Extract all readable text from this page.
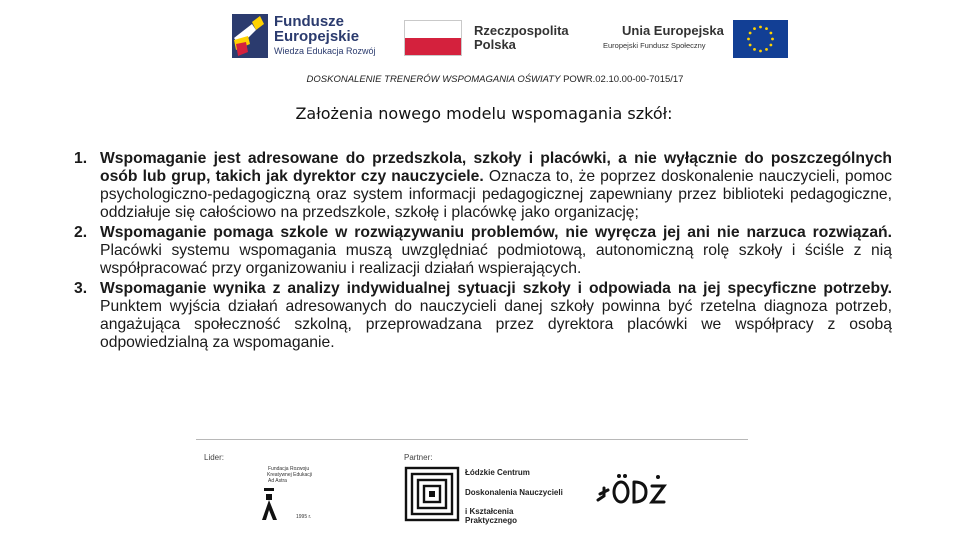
Fundusze
Europejskie
Wiedza Edukacja Rozwój
Rzeczpospolita
Polska
Unia Europejska
Europejski Fundusz Społeczny
DOSKONALENIE TRENERÓW WSPOMAGANIA OŚWIATY POWR.02.10.00-00-7015/17
Założenia nowego modelu wspomagania szkół:
1. Wspomaganie jest adresowane do przedszkola, szkoły i placówki, a nie wyłącznie do poszczególnych osób lub grup, takich jak dyrektor czy nauczyciele. Oznacza to, że poprzez doskonalenie nauczycieli, pomoc psychologiczno-pedagogiczną oraz system informacji pedagogicznej zapewniany przez biblioteki pedagogiczne, oddziałuje się całościowo na przedszkole, szkołę i placówkę jako organizację;
2. Wspomaganie pomaga szkole w rozwiązywaniu problemów, nie wyręcza jej ani nie narzuca rozwiązań. Placówki systemu wspomagania muszą uwzględniać podmiotową, autonomiczną rolę szkoły i ściśle z nią współpracować przy organizowaniu i realizacji działań wspierających.
3. Wspomaganie wynika z analizy indywidualnej sytuacji szkoły i odpowiada na jej specyficzne potrzeby. Punktem wyjścia działań adresowanych do nauczycieli danej szkoły powinna być rzetelna diagnoza potrzeb, angażująca społeczność szkolną, przeprowadzana przez dyrektora placówki we współpracy z osobą odpowiedzialną za wspomaganie.
Lider:	Partner:
Fundacja Rozwoju
Kreatywnej Edukacji
Ad Astra
1995 r.
Łódzkie Centrum
Doskonalenia Nauczycieli
i Kształcenia Praktycznego
